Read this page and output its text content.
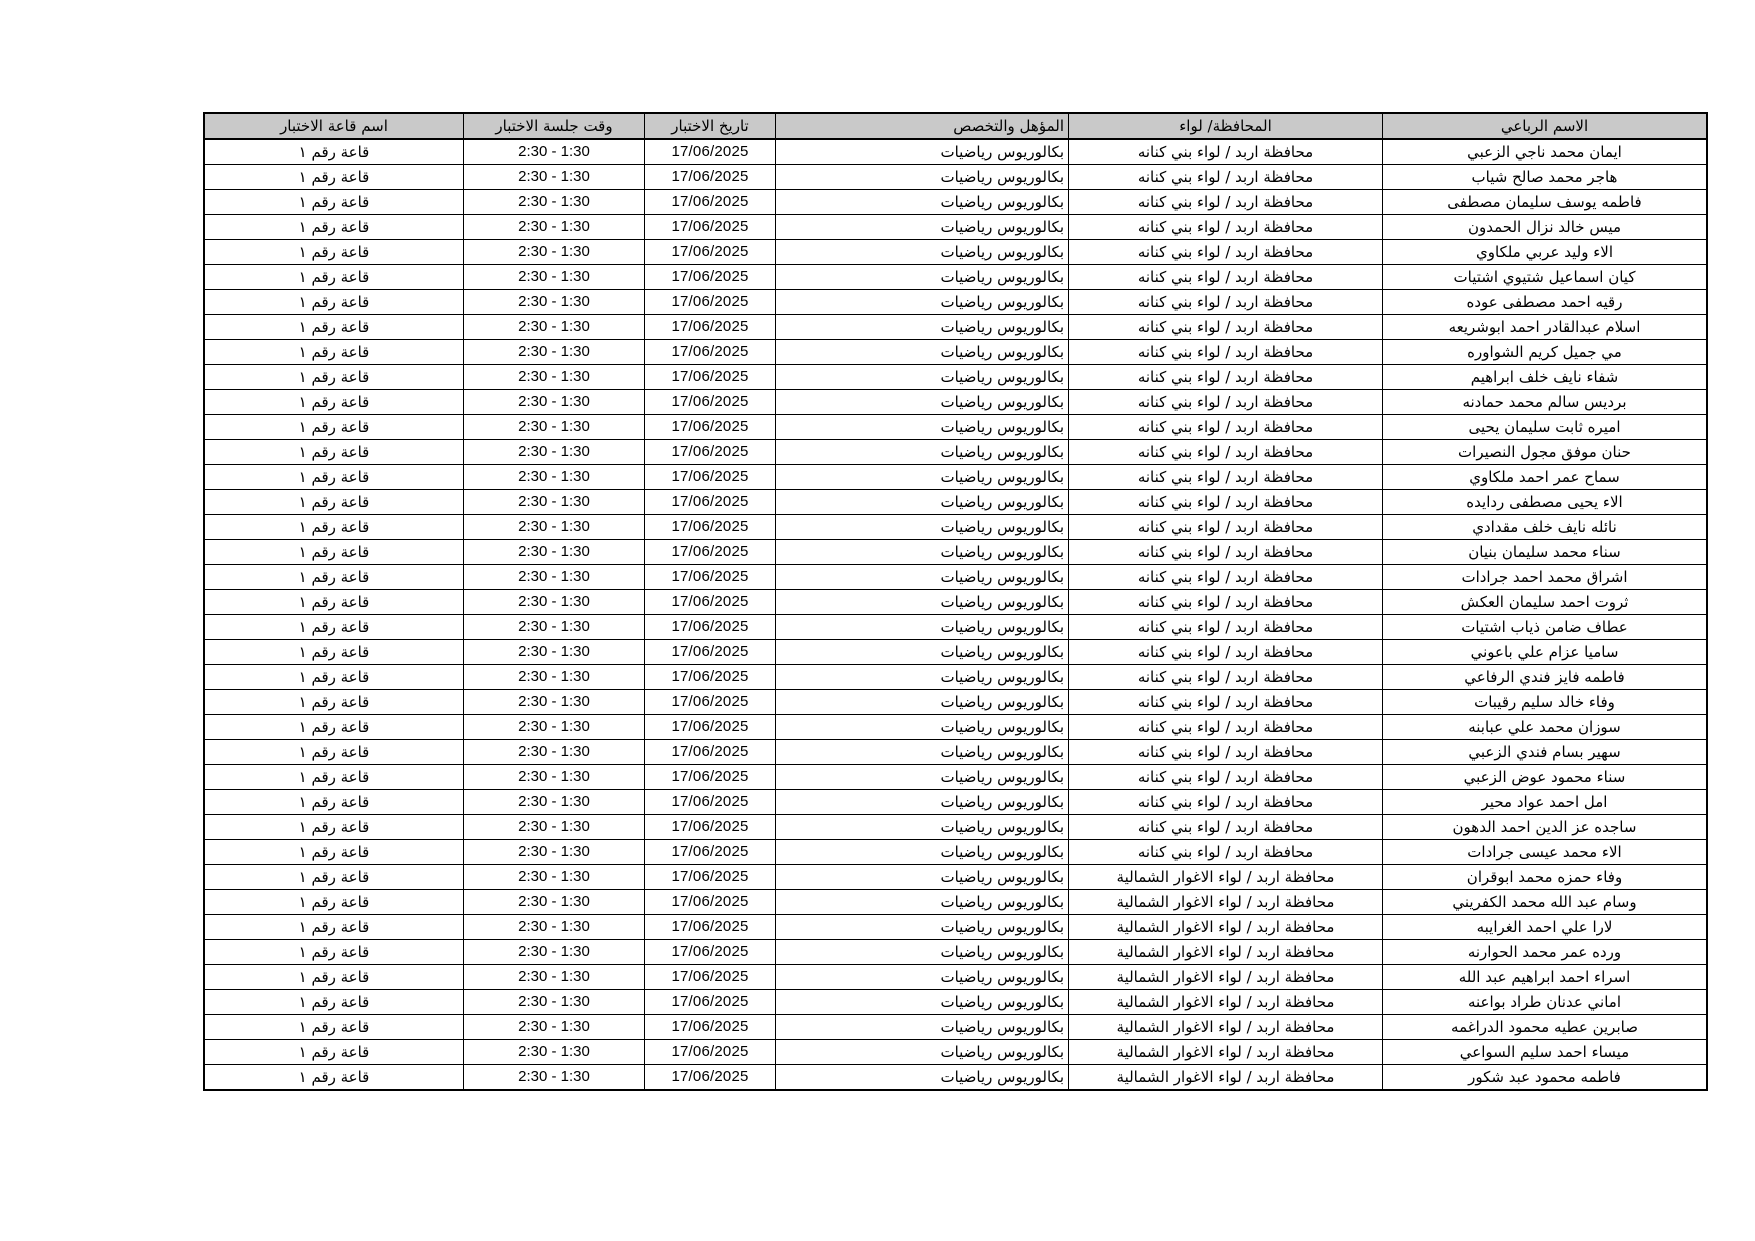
الاسم الرباعي	المحافظة/ لواء	المؤهل والتخصص	تاريخ الاختبار	وقت جلسة الاختبار	اسم قاعة الاختبار
ايمان محمد ناجي الزعبي	محافظة اربد / لواء بني كنانه	بكالوريوس رياضيات	17/06/2025	2:30 - 1:30	قاعة رقم ١
هاجر محمد صالح شياب	محافظة اربد / لواء بني كنانه	بكالوريوس رياضيات	17/06/2025	2:30 - 1:30	قاعة رقم ١
فاطمه يوسف سليمان مصطفى	محافظة اربد / لواء بني كنانه	بكالوريوس رياضيات	17/06/2025	2:30 - 1:30	قاعة رقم ١
ميس خالد نزال الحمدون	محافظة اربد / لواء بني كنانه	بكالوريوس رياضيات	17/06/2025	2:30 - 1:30	قاعة رقم ١
الاء وليد عربي ملكاوي	محافظة اربد / لواء بني كنانه	بكالوريوس رياضيات	17/06/2025	2:30 - 1:30	قاعة رقم ١
كيان اسماعيل شتيوي اشتيات	محافظة اربد / لواء بني كنانه	بكالوريوس رياضيات	17/06/2025	2:30 - 1:30	قاعة رقم ١
رقيه احمد مصطفى عوده	محافظة اربد / لواء بني كنانه	بكالوريوس رياضيات	17/06/2025	2:30 - 1:30	قاعة رقم ١
اسلام عبدالقادر احمد ابوشريعه	محافظة اربد / لواء بني كنانه	بكالوريوس رياضيات	17/06/2025	2:30 - 1:30	قاعة رقم ١
مي جميل كريم الشواوره	محافظة اربد / لواء بني كنانه	بكالوريوس رياضيات	17/06/2025	2:30 - 1:30	قاعة رقم ١
شفاء نايف خلف ابراهيم	محافظة اربد / لواء بني كنانه	بكالوريوس رياضيات	17/06/2025	2:30 - 1:30	قاعة رقم ١
برديس سالم محمد حمادنه	محافظة اربد / لواء بني كنانه	بكالوريوس رياضيات	17/06/2025	2:30 - 1:30	قاعة رقم ١
اميره ثابت سليمان يحيى	محافظة اربد / لواء بني كنانه	بكالوريوس رياضيات	17/06/2025	2:30 - 1:30	قاعة رقم ١
حنان موفق مجول النصيرات	محافظة اربد / لواء بني كنانه	بكالوريوس رياضيات	17/06/2025	2:30 - 1:30	قاعة رقم ١
سماح عمر احمد ملكاوي	محافظة اربد / لواء بني كنانه	بكالوريوس رياضيات	17/06/2025	2:30 - 1:30	قاعة رقم ١
الاء يحيى مصطفى ردايده	محافظة اربد / لواء بني كنانه	بكالوريوس رياضيات	17/06/2025	2:30 - 1:30	قاعة رقم ١
نائله نايف خلف مقدادي	محافظة اربد / لواء بني كنانه	بكالوريوس رياضيات	17/06/2025	2:30 - 1:30	قاعة رقم ١
سناء محمد سليمان بنيان	محافظة اربد / لواء بني كنانه	بكالوريوس رياضيات	17/06/2025	2:30 - 1:30	قاعة رقم ١
اشراق محمد احمد جرادات	محافظة اربد / لواء بني كنانه	بكالوريوس رياضيات	17/06/2025	2:30 - 1:30	قاعة رقم ١
ثروت احمد سليمان العكش	محافظة اربد / لواء بني كنانه	بكالوريوس رياضيات	17/06/2025	2:30 - 1:30	قاعة رقم ١
عطاف ضامن ذياب اشتيات	محافظة اربد / لواء بني كنانه	بكالوريوس رياضيات	17/06/2025	2:30 - 1:30	قاعة رقم ١
ساميا عزام علي باعوني	محافظة اربد / لواء بني كنانه	بكالوريوس رياضيات	17/06/2025	2:30 - 1:30	قاعة رقم ١
فاطمه فايز فندي الرفاعي	محافظة اربد / لواء بني كنانه	بكالوريوس رياضيات	17/06/2025	2:30 - 1:30	قاعة رقم ١
وفاء خالد سليم رقيبات	محافظة اربد / لواء بني كنانه	بكالوريوس رياضيات	17/06/2025	2:30 - 1:30	قاعة رقم ١
سوزان محمد علي عبابنه	محافظة اربد / لواء بني كنانه	بكالوريوس رياضيات	17/06/2025	2:30 - 1:30	قاعة رقم ١
سهير بسام فندي الزعبي	محافظة اربد / لواء بني كنانه	بكالوريوس رياضيات	17/06/2025	2:30 - 1:30	قاعة رقم ١
سناء محمود عوض الزعبي	محافظة اربد / لواء بني كنانه	بكالوريوس رياضيات	17/06/2025	2:30 - 1:30	قاعة رقم ١
امل احمد عواد محير	محافظة اربد / لواء بني كنانه	بكالوريوس رياضيات	17/06/2025	2:30 - 1:30	قاعة رقم ١
ساجده عز الدين احمد الدهون	محافظة اربد / لواء بني كنانه	بكالوريوس رياضيات	17/06/2025	2:30 - 1:30	قاعة رقم ١
الاء محمد عيسى جرادات	محافظة اربد / لواء بني كنانه	بكالوريوس رياضيات	17/06/2025	2:30 - 1:30	قاعة رقم ١
وفاء حمزه محمد ابوقران	محافظة اربد / لواء الاغوار الشمالية	بكالوريوس رياضيات	17/06/2025	2:30 - 1:30	قاعة رقم ١
وسام عبد الله محمد الكفريني	محافظة اربد / لواء الاغوار الشمالية	بكالوريوس رياضيات	17/06/2025	2:30 - 1:30	قاعة رقم ١
لارا علي احمد الغرايبه	محافظة اربد / لواء الاغوار الشمالية	بكالوريوس رياضيات	17/06/2025	2:30 - 1:30	قاعة رقم ١
ورده عمر محمد الحوارنه	محافظة اربد / لواء الاغوار الشمالية	بكالوريوس رياضيات	17/06/2025	2:30 - 1:30	قاعة رقم ١
اسراء احمد ابراهيم عبد الله	محافظة اربد / لواء الاغوار الشمالية	بكالوريوس رياضيات	17/06/2025	2:30 - 1:30	قاعة رقم ١
اماني عدنان طراد بواعنه	محافظة اربد / لواء الاغوار الشمالية	بكالوريوس رياضيات	17/06/2025	2:30 - 1:30	قاعة رقم ١
صابرين عطيه محمود الدراغمه	محافظة اربد / لواء الاغوار الشمالية	بكالوريوس رياضيات	17/06/2025	2:30 - 1:30	قاعة رقم ١
ميساء احمد سليم السواعي	محافظة اربد / لواء الاغوار الشمالية	بكالوريوس رياضيات	17/06/2025	2:30 - 1:30	قاعة رقم ١
فاطمه محمود عبد شكور	محافظة اربد / لواء الاغوار الشمالية	بكالوريوس رياضيات	17/06/2025	2:30 - 1:30	قاعة رقم ١
